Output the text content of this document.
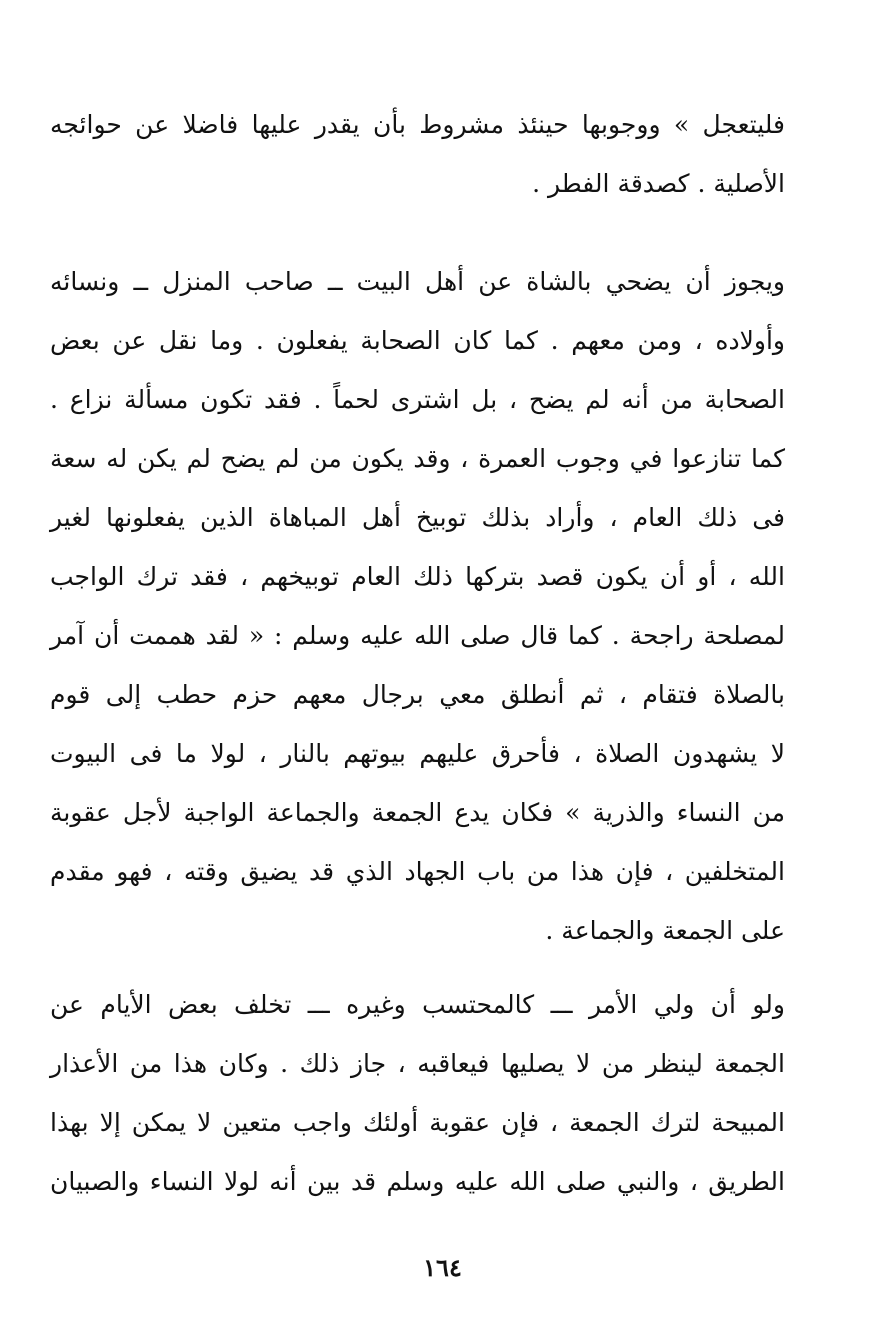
فليتعجل » ووجوبها حينئذ مشروط بأن يقدر عليها فاضلا عن حوائجه
الأصلية . كصدقة الفطر .
ويجوز أن يضحي بالشاة عن أهل البيت ــ صاحب المنزل ــ ونسائه
وأولاده ، ومن معهم . كما كان الصحابة يفعلون . وما نقل عن بعض
الصحابة من أنه لم يضح ، بل اشترى لحماً . فقد تكون مسألة نزاع .
كما تنازعوا في وجوب العمرة ، وقد يكون من لم يضح لم يكن له سعة
فى ذلك العام ، وأراد بذلك توبيخ أهل المباهاة الذين يفعلونها لغير
الله ، أو أن يكون قصد بتركها ذلك العام توبيخهم ، فقد ترك الواجب
لمصلحة راجحة . كما قال صلى الله عليه وسلم : « لقد هممت أن آمر
بالصلاة فتقام ، ثم أنطلق معي برجال معهم حزم حطب إلى قوم
لا يشهدون الصلاة ، فأحرق عليهم بيوتهم بالنار ، لولا ما فى البيوت
من النساء والذرية » فكان يدع الجمعة والجماعة الواجبة لأجل عقوبة
المتخلفين ، فإن هذا من باب الجهاد الذي قد يضيق وقته ، فهو مقدم
على الجمعة والجماعة .
ولو أن ولي الأمر ـــ كالمحتسب وغيره ـــ تخلف بعض الأيام عن
الجمعة لينظر من لا يصليها فيعاقبه ، جاز ذلك . وكان هذا من الأعذار
المبيحة لترك الجمعة ، فإن عقوبة أولئك واجب متعين لا يمكن إلا بهذا
الطريق ، والنبي صلى الله عليه وسلم قد بين أنه لولا النساء والصبيان
١٦٤
